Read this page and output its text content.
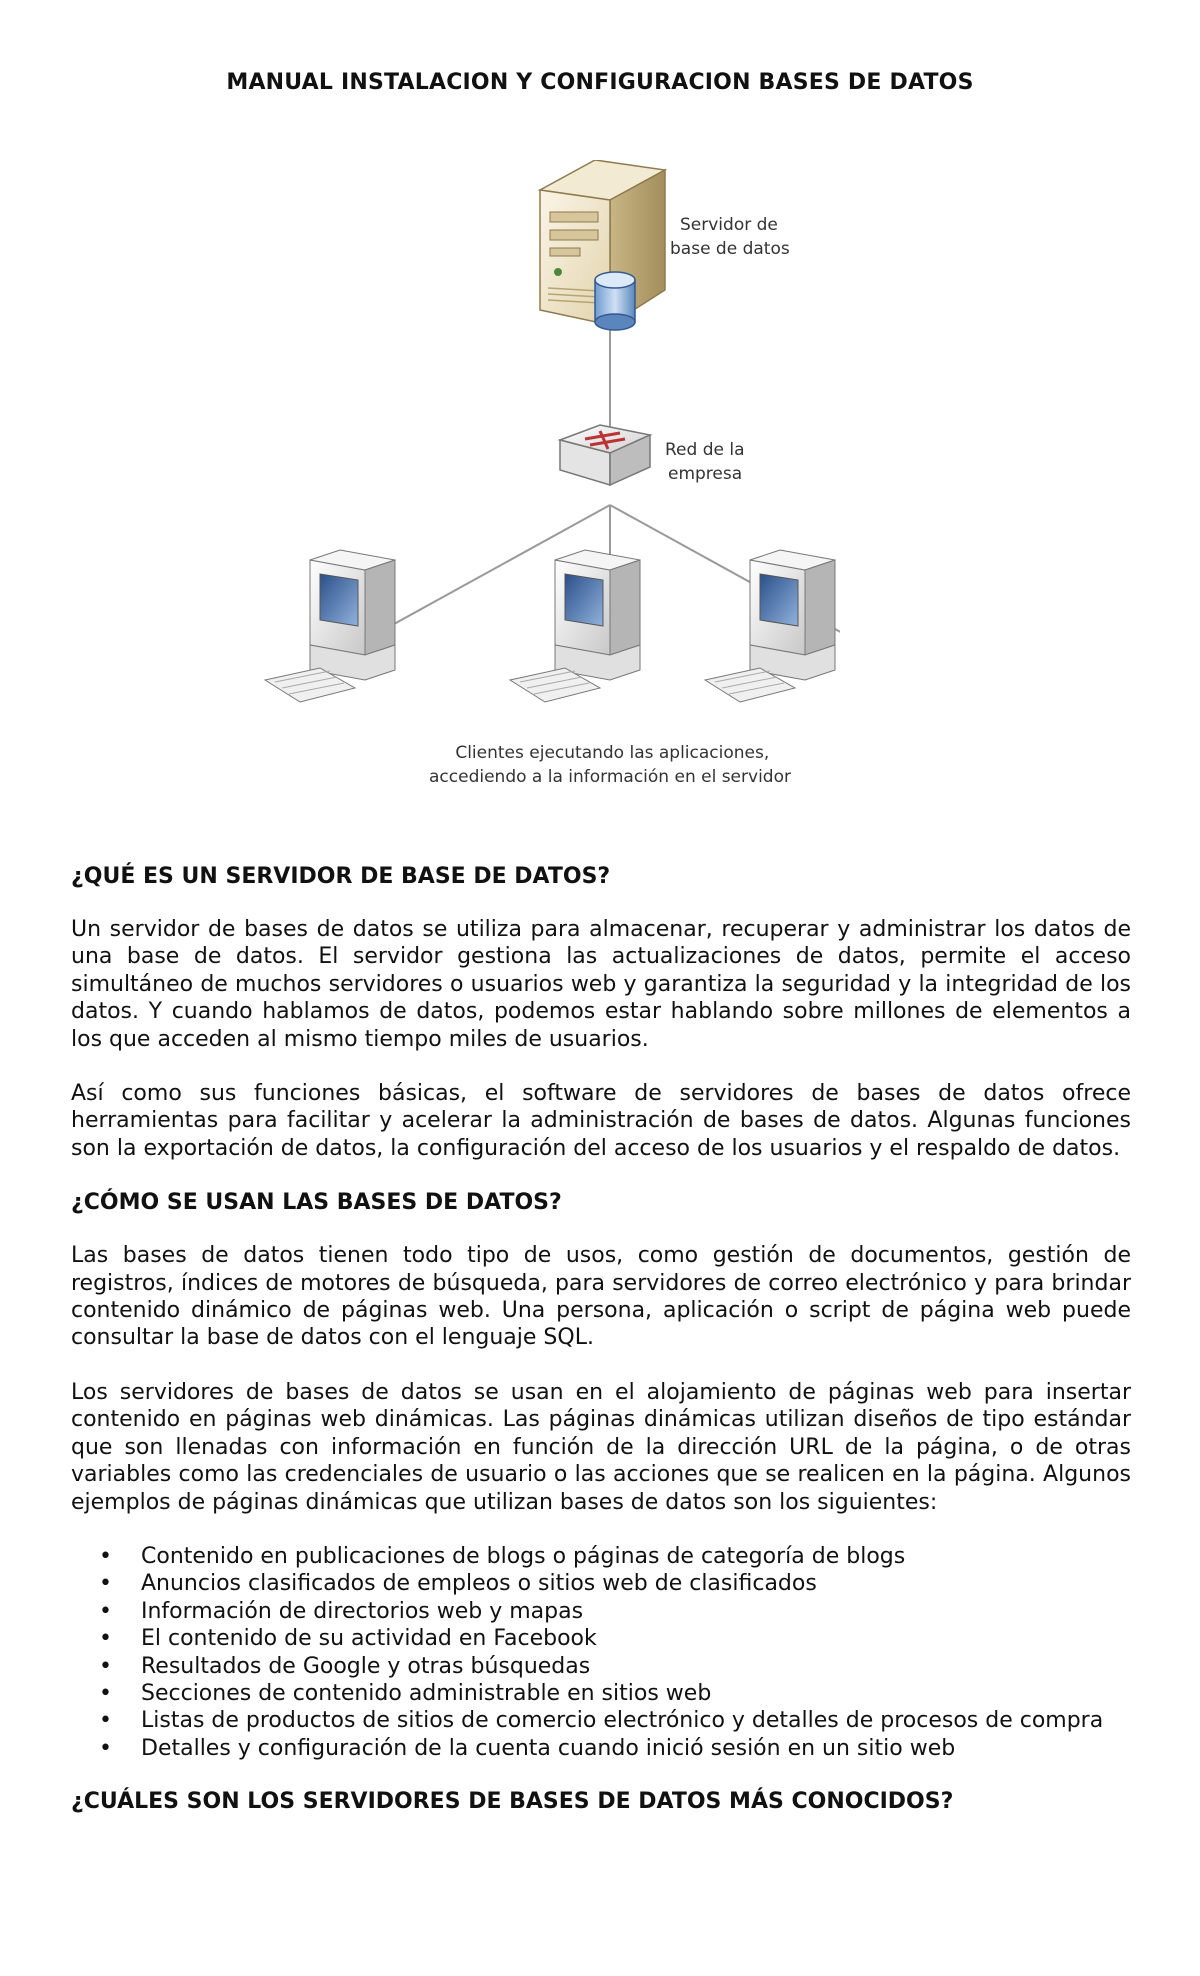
MANUAL INSTALACION Y CONFIGURACION BASES DE DATOS
Servidor de base de datos
Red de la empresa
Clientes ejecutando las aplicaciones, accediendo a la información en el servidor
¿QUÉ ES UN SERVIDOR DE BASE DE DATOS?

Un servidor de bases de datos se utiliza para almacenar, recuperar y administrar los datos de una base de datos. El servidor gestiona las actualizaciones de datos, permite el acceso simultáneo de muchos servidores o usuarios web y garantiza la seguridad y la integridad de los datos. Y cuando hablamos de datos, podemos estar hablando sobre millones de elementos a los que acceden al mismo tiempo miles de usuarios.

Así como sus funciones básicas, el software de servidores de bases de datos ofrece herramientas para facilitar y acelerar la administración de bases de datos. Algunas funciones son la exportación de datos, la configuración del acceso de los usuarios y el respaldo de datos.

¿CÓMO SE USAN LAS BASES DE DATOS?

Las bases de datos tienen todo tipo de usos, como gestión de documentos, gestión de registros, índices de motores de búsqueda, para servidores de correo electrónico y para brindar contenido dinámico de páginas web. Una persona, aplicación o script de página web puede consultar la base de datos con el lenguaje SQL.

Los servidores de bases de datos se usan en el alojamiento de páginas web para insertar contenido en páginas web dinámicas. Las páginas dinámicas utilizan diseños de tipo estándar que son llenadas con información en función de la dirección URL de la página, o de otras variables como las credenciales de usuario o las acciones que se realicen en la página. Algunos ejemplos de páginas dinámicas que utilizan bases de datos son los siguientes:

• Contenido en publicaciones de blogs o páginas de categoría de blogs
• Anuncios clasificados de empleos o sitios web de clasificados
• Información de directorios web y mapas
• El contenido de su actividad en Facebook
• Resultados de Google y otras búsquedas
• Secciones de contenido administrable en sitios web
• Listas de productos de sitios de comercio electrónico y detalles de procesos de compra
• Detalles y configuración de la cuenta cuando inició sesión en un sitio web
¿CUÁLES SON LOS SERVIDORES DE BASES DE DATOS MÁS CONOCIDOS?
